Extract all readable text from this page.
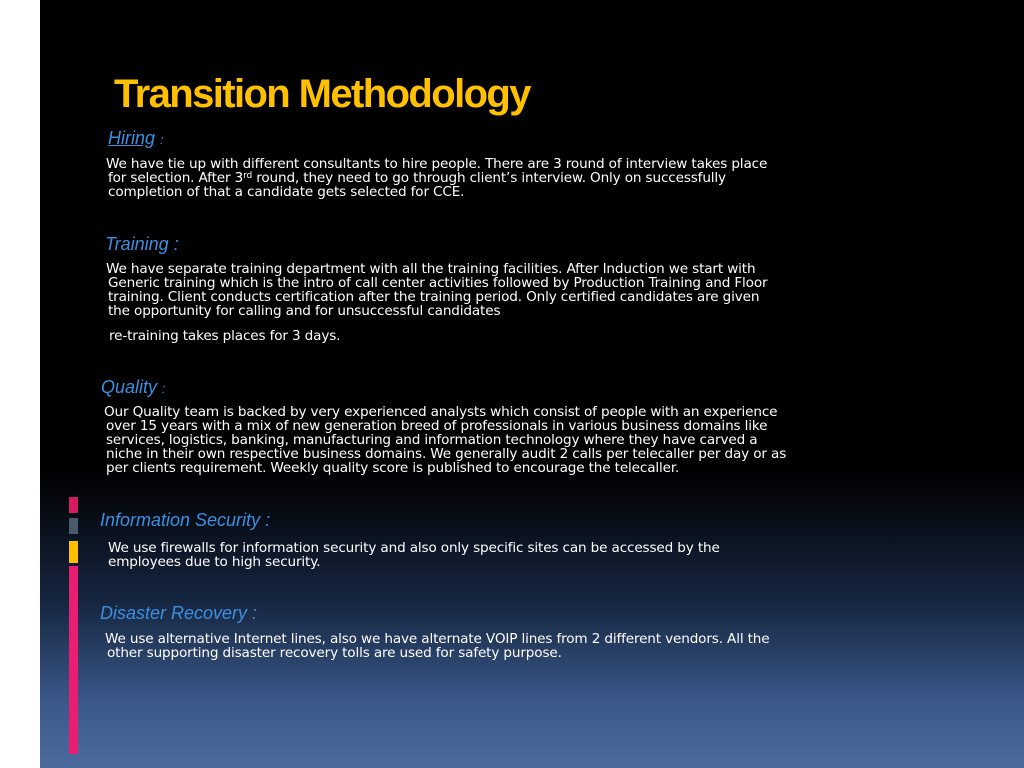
Transition Methodology
Hiring :
We have tie up with different consultants to hire people. There are 3 round of interview takes place
for selection. After 3rd round, they need to go through client’s interview. Only on successfully
completion of that a candidate gets selected for CCE.
Training :
We have separate training department with all the training facilities. After Induction we start with
Generic training which is the intro of call center activities followed by Production Training and Floor
training. Client conducts certification after the training period. Only certified candidates are given
the opportunity for calling and for unsuccessful candidates
re-training takes places for 3 days.
Quality :
Our Quality team is backed by very experienced analysts which consist of people with an experience
over 15 years with a mix of new generation breed of professionals in various business domains like
services, logistics, banking, manufacturing and information technology where they have carved a
niche in their own respective business domains. We generally audit 2 calls per telecaller per day or as
per clients requirement. Weekly quality score is published to encourage the telecaller.
Information Security :
We use firewalls for information security and also only specific sites can be accessed by the
employees due to high security.
Disaster Recovery :
We use alternative Internet lines, also we have alternate VOIP lines from 2 different vendors. All the
other supporting disaster recovery tolls are used for safety purpose.
